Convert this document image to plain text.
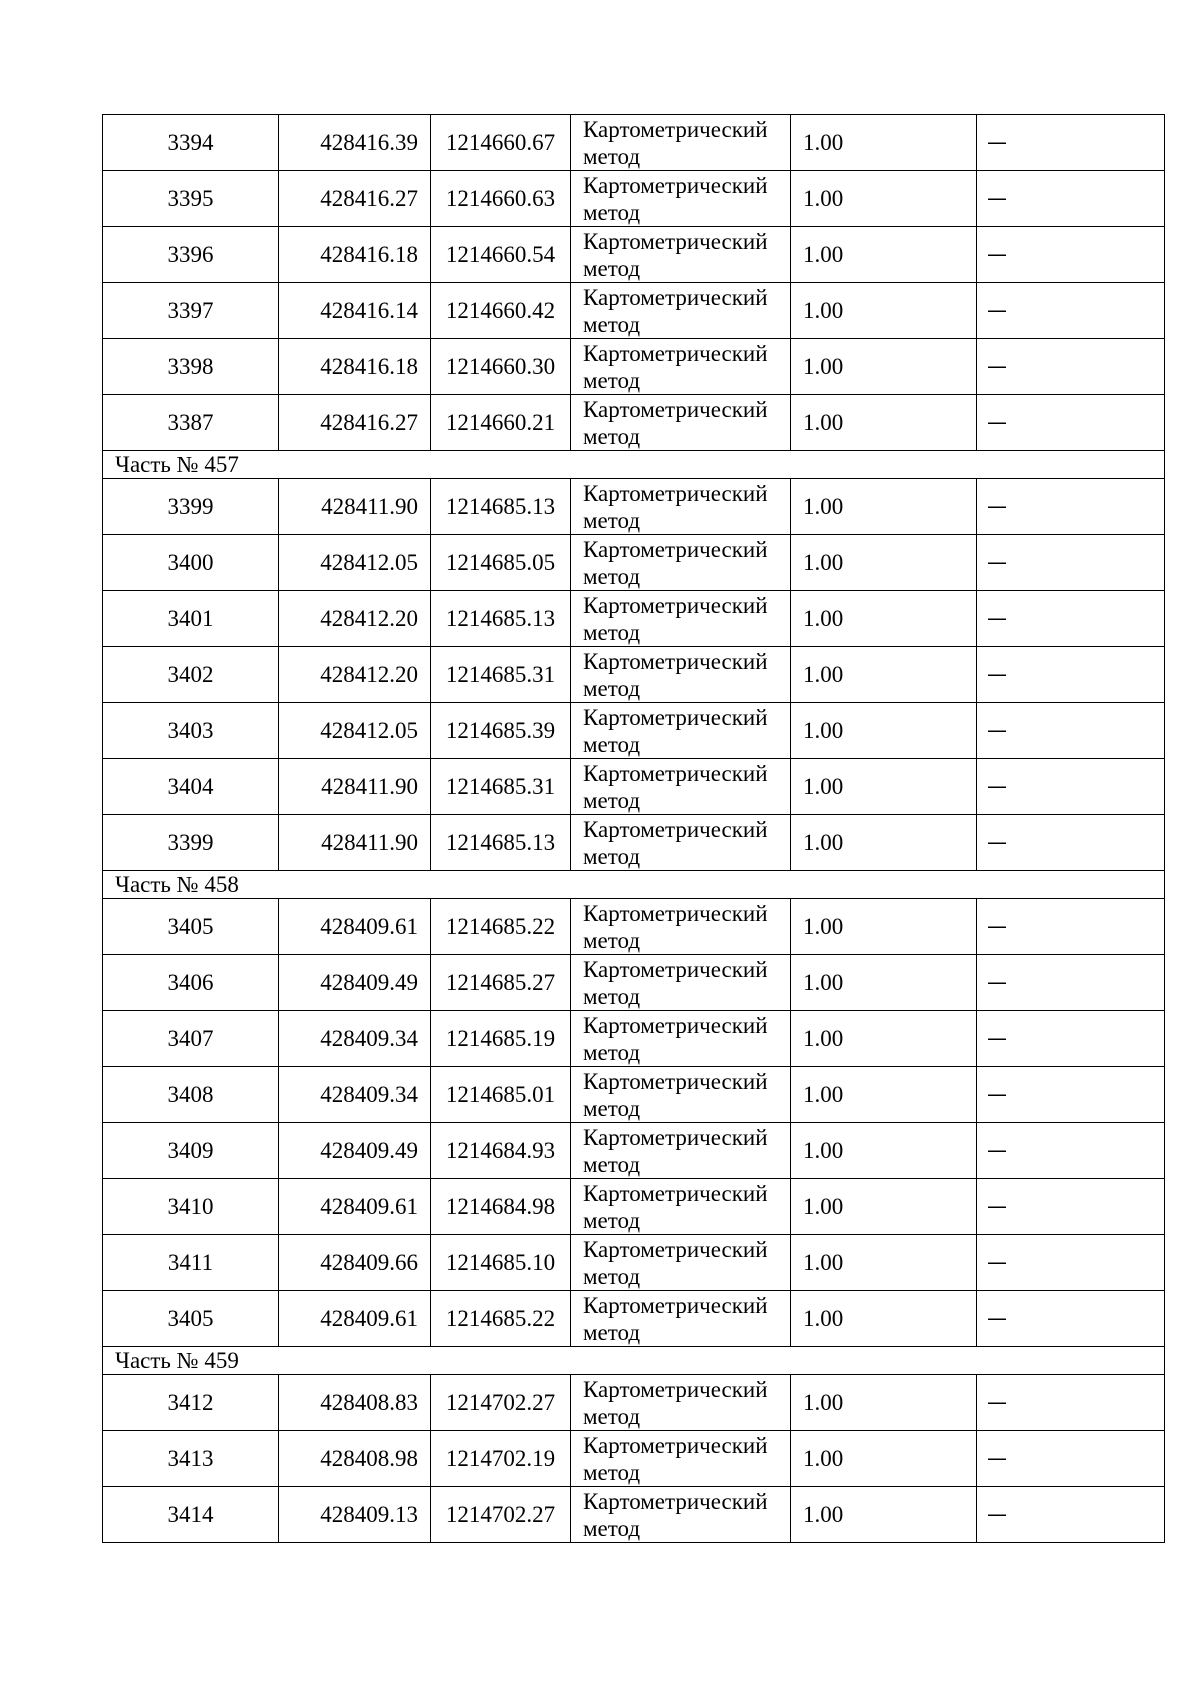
3394	428416.39	1214660.67	Картометрический
метод	1.00	—
3395	428416.27	1214660.63	Картометрический
метод	1.00	—
3396	428416.18	1214660.54	Картометрический
метод	1.00	—
3397	428416.14	1214660.42	Картометрический
метод	1.00	—
3398	428416.18	1214660.30	Картометрический
метод	1.00	—
3387	428416.27	1214660.21	Картометрический
метод	1.00	—
Часть № 457					
3399	428411.90	1214685.13	Картометрический
метод	1.00	—
3400	428412.05	1214685.05	Картометрический
метод	1.00	—
3401	428412.20	1214685.13	Картометрический
метод	1.00	—
3402	428412.20	1214685.31	Картометрический
метод	1.00	—
3403	428412.05	1214685.39	Картометрический
метод	1.00	—
3404	428411.90	1214685.31	Картометрический
метод	1.00	—
3399	428411.90	1214685.13	Картометрический
метод	1.00	—
Часть № 458					
3405	428409.61	1214685.22	Картометрический
метод	1.00	—
3406	428409.49	1214685.27	Картометрический
метод	1.00	—
3407	428409.34	1214685.19	Картометрический
метод	1.00	—
3408	428409.34	1214685.01	Картометрический
метод	1.00	—
3409	428409.49	1214684.93	Картометрический
метод	1.00	—
3410	428409.61	1214684.98	Картометрический
метод	1.00	—
3411	428409.66	1214685.10	Картометрический
метод	1.00	—
3405	428409.61	1214685.22	Картометрический
метод	1.00	—
Часть № 459					
3412	428408.83	1214702.27	Картометрический
метод	1.00	—
3413	428408.98	1214702.19	Картометрический
метод	1.00	—
3414	428409.13	1214702.27	Картометрический
метод	1.00	—
